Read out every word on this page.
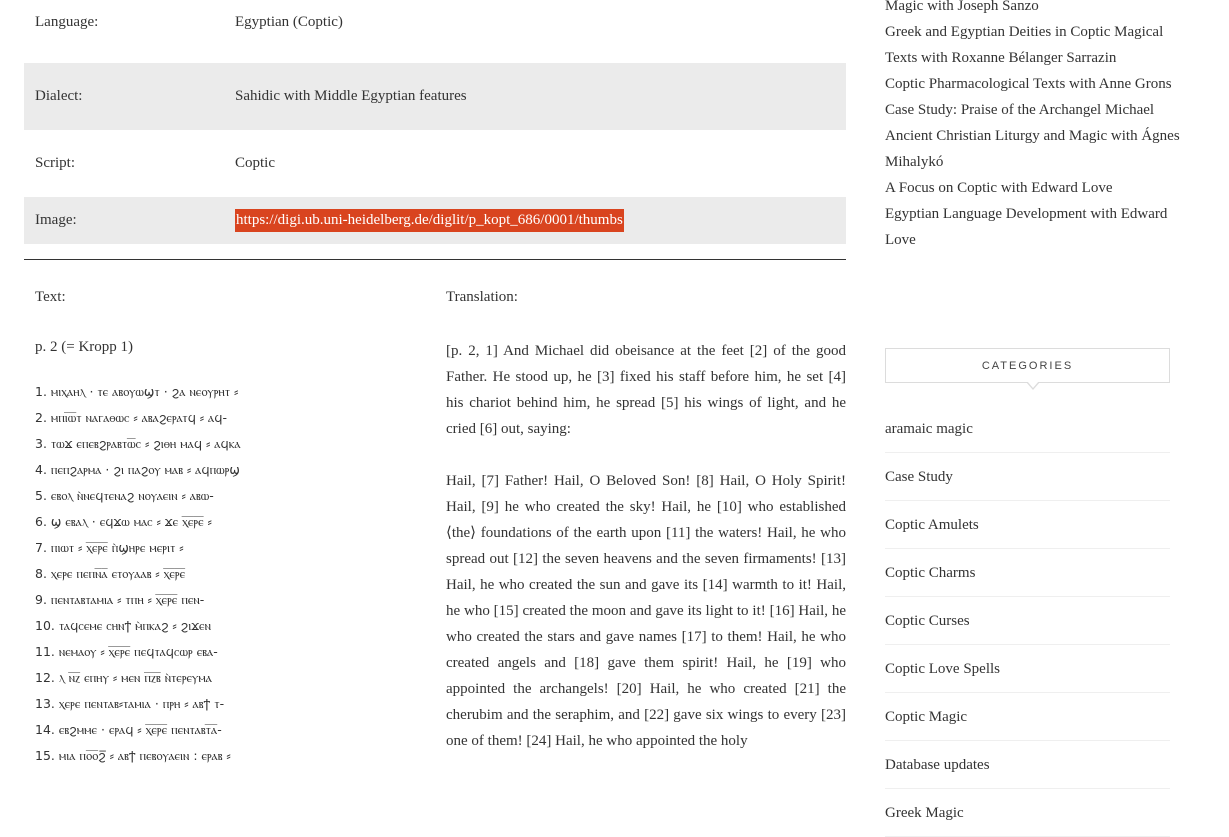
Language:	Egyptian (Coptic)
Dialect:	Sahidic with Middle Egyptian features
Script:	Coptic
Image:	https://digi.ub.uni-heidelberg.de/diglit/p_kopt_686/0001/thumbs
Text:
p. 2 (= Kropp 1)
1. ⲙⲓⲭⲁⲏⲗ · ⲧⲉ ⲁⲃⲟⲩⲱϣⲧ · ϩⲁ ⲛⲉⲟⲩⲣⲏⲧ ⸗
2. ⲙⲡⲓ̅ⲱ̅ⲧ ⲛⲁⲅⲁⲑⲱⲥ ⸗ ⲁⲃⲁϩⲉⲣⲁⲧϥ ⸗ ⲁϥ-
3. ⲧⲱϫ ⲉⲡⲉⲃϩⲣⲁⲃⲧⲱ̅ⲥ ⸗ ϩⲓⲑⲏ ⲙⲁϥ ⸗ ⲁϥⲕⲁ
4. ⲡⲉⲡϩⲁⲣⲙⲁ · ϩⲓ ⲡⲁϩⲟⲩ ⲙⲁⲃ ⸗ ⲁϥⲡⲱⲣϣ
5. ⲉⲃⲟⲗ ⲛ̀ⲛⲉϥⲧⲉⲛⲁϩ ⲛⲟⲩⲁⲉⲓⲛ ⸗ ⲁⲃⲱ-
6. ϣ ⲉⲃⲁⲗ · ⲉϥϫⲱ ⲙⲁⲥ ⸗ ϫⲉ ⲭ̅ⲉ̅ⲣ̅ⲉ̅ ⸗
7. ⲡⲓⲱⲧ ⸗ ⲭ̅ⲉ̅ⲣ̅ⲉ̅ ⲡ̀ϣⲏⲣⲉ ⲙⲉⲣⲓⲧ ⸗
8. ⲭⲉⲣⲉ ⲡⲉⲡⲛ̅ⲁ̅ ⲉⲧⲟⲩⲁⲁⲃ ⸗ ⲭ̅ⲉ̅ⲣ̅ⲉ̅
9. ⲡⲉⲛⲧⲁⲃⲧⲁⲙⲓⲁ ⸗ ⲧⲡⲏ ⸗ ⲭ̅ⲉ̅ⲣ̅ⲉ̅ ⲡⲉⲛ-
10. ⲧⲁϥⲥⲉⲙⲉ ⲥⲏⲛϯ ⲙ̀ⲡⲕⲁϩ ⸗ ϩⲓϫⲉⲛ
11. ⲛⲉⲙⲁⲟⲩ ⸗ ⲭ̅ⲉ̅ⲣ̅ⲉ̅ ⲡⲉϥⲧⲁϥⲥⲱⲣ ⲉⲃⲁ-
12. ⲗ ⲛ̅ⲍ̅ ⲉⲡⲏⲩ ⸗ ⲙⲉⲛ ⲡ̅ⲍ̅ⲃ̅ ⲛ̀ⲧⲉⲣⲉⲩⲙⲁ
13. ⲭⲉⲣⲉ ⲡⲉⲛⲧⲁⲃ⸗ⲧⲁⲙⲓⲁ · ⲡⲣⲏ ⸗ ⲁⲃϯ ⲧ-
14. ⲉⲃϩⲙⲙⲉ · ⲉⲣⲁϥ ⸗ ⲭ̅ⲉ̅ⲣ̅ⲉ̅ ⲡⲉⲛⲧⲁⲃⲧ̅ⲁ̅-
15. ⲙⲓⲁ ⲡⲟ̅ⲟ̅ϩ̅ ⸗ ⲁⲃϯ ⲡⲉⲃⲟⲩⲁⲉⲓⲛ : ⲉⲣⲁⲃ ⸗
Translation:

[p. 2, 1] And Michael did obeisance at the feet [2] of the good Father. He stood up, he [3] fixed his staff before him, he set [4] his chariot behind him, he spread [5] his wings of light, and he cried [6] out, saying:

Hail, [7] Father! Hail, O Beloved Son! [8] Hail, O Holy Spirit! Hail, [9] he who created the sky! Hail, he [10] who established ⟨the⟩ foundations of the earth upon [11] the waters! Hail, he who spread out [12] the seven heavens and the seven firmaments! [13] Hail, he who created the sun and gave its [14] warmth to it! Hail, he who [15] created the moon and gave its light to it! [16] Hail, he who created the stars and gave names [17] to them! Hail, he who created angels and [18] gave them spirit! Hail, he [19] who appointed the archangels! [20] Hail, he who created [21] the cherubim and the seraphim, and [22] gave six wings to every [23] one of them! [24] Hail, he who appointed the holy

Magic with Joseph Sanzo
Greek and Egyptian Deities in Coptic Magical Texts with Roxanne Bélanger Sarrazin
Coptic Pharmacological Texts with Anne Grons
Case Study: Praise of the Archangel Michael
Ancient Christian Liturgy and Magic with Ágnes Mihalykó
A Focus on Coptic with Edward Love
Egyptian Language Development with Edward Love
CATEGORIES
aramaic magic
Case Study
Coptic Amulets
Coptic Charms
Coptic Curses
Coptic Love Spells
Coptic Magic
Database updates
Greek Magic
